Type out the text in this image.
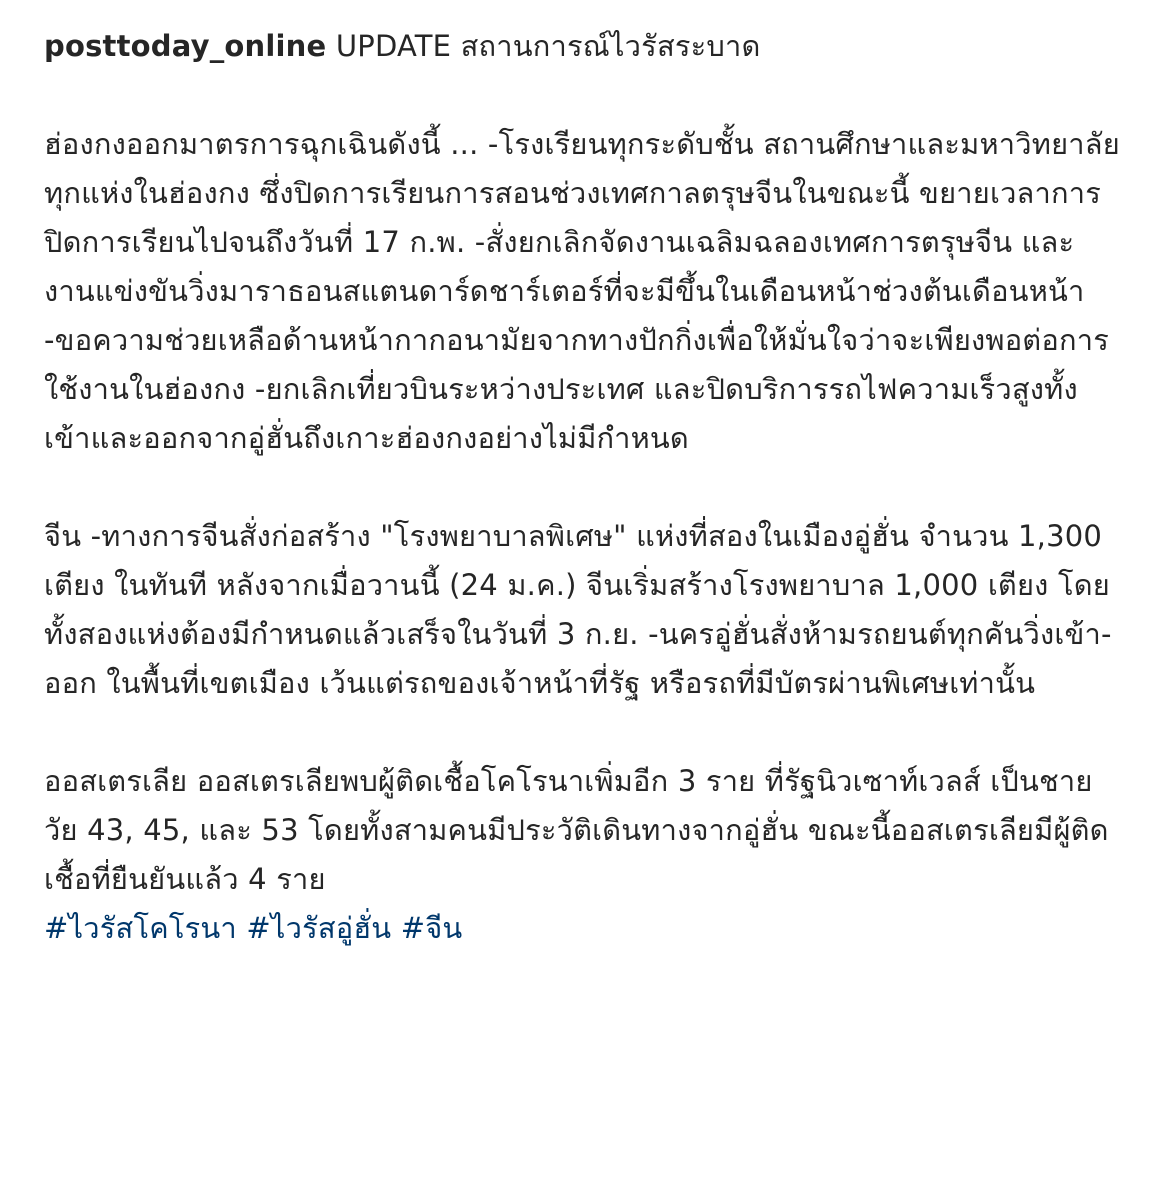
posttoday_online UPDATE สถานการณ์ไวรัสระบาด

ฮ่องกงออกมาตรการฉุกเฉินดังนี้ ... -โรงเรียนทุกระดับชั้น สถานศึกษาและมหาวิทยาลัยทุกแห่งในฮ่องกง ซึ่งปิดการเรียนการสอนช่วงเทศกาลตรุษจีนในขณะนี้ ขยายเวลาการปิดการเรียนไปจนถึงวันที่ 17 ก.พ. -สั่งยกเลิกจัดงานเฉลิมฉลองเทศการตรุษจีน และงานแข่งขันวิ่งมาราธอนสแตนดาร์ดชาร์เตอร์ที่จะมีขึ้นในเดือนหน้าช่วงต้นเดือนหน้า -ขอความช่วยเหลือด้านหน้ากากอนามัยจากทางปักกิ่งเพื่อให้มั่นใจว่าจะเพียงพอต่อการใช้งานในฮ่องกง -ยกเลิกเที่ยวบินระหว่างประเทศ และปิดบริการรถไฟความเร็วสูงทั้งเข้าและออกจากอู่ฮั่นถึงเกาะฮ่องกงอย่างไม่มีกำหนด

จีน -ทางการจีนสั่งก่อสร้าง "โรงพยาบาลพิเศษ" แห่งที่สองในเมืองอู่ฮั่น จำนวน 1,300 เตียง ในทันที หลังจากเมื่อวานนี้ (24 ม.ค.) จีนเริ่มสร้างโรงพยาบาล 1,000 เตียง โดยทั้งสองแห่งต้องมีกำหนดแล้วเสร็จในวันที่ 3 ก.ย. -นครอู่ฮั่นสั่งห้ามรถยนต์ทุกคันวิ่งเข้า-ออก ในพื้นที่เขตเมือง เว้นแต่รถของเจ้าหน้าที่รัฐ หรือรถที่มีบัตรผ่านพิเศษเท่านั้น

ออสเตรเลีย ออสเตรเลียพบผู้ติดเชื้อโคโรนาเพิ่มอีก 3 ราย ที่รัฐนิวเซาท์เวลส์ เป็นชายวัย 43, 45, และ 53 โดยทั้งสามคนมีประวัติเดินทางจากอู่ฮั่น ขณะนี้ออสเตรเลียมีผู้ติดเชื้อที่ยืนยันแล้ว 4 ราย

#ไวรัสโคโรนา #ไวรัสอู่ฮั่น #จีน
